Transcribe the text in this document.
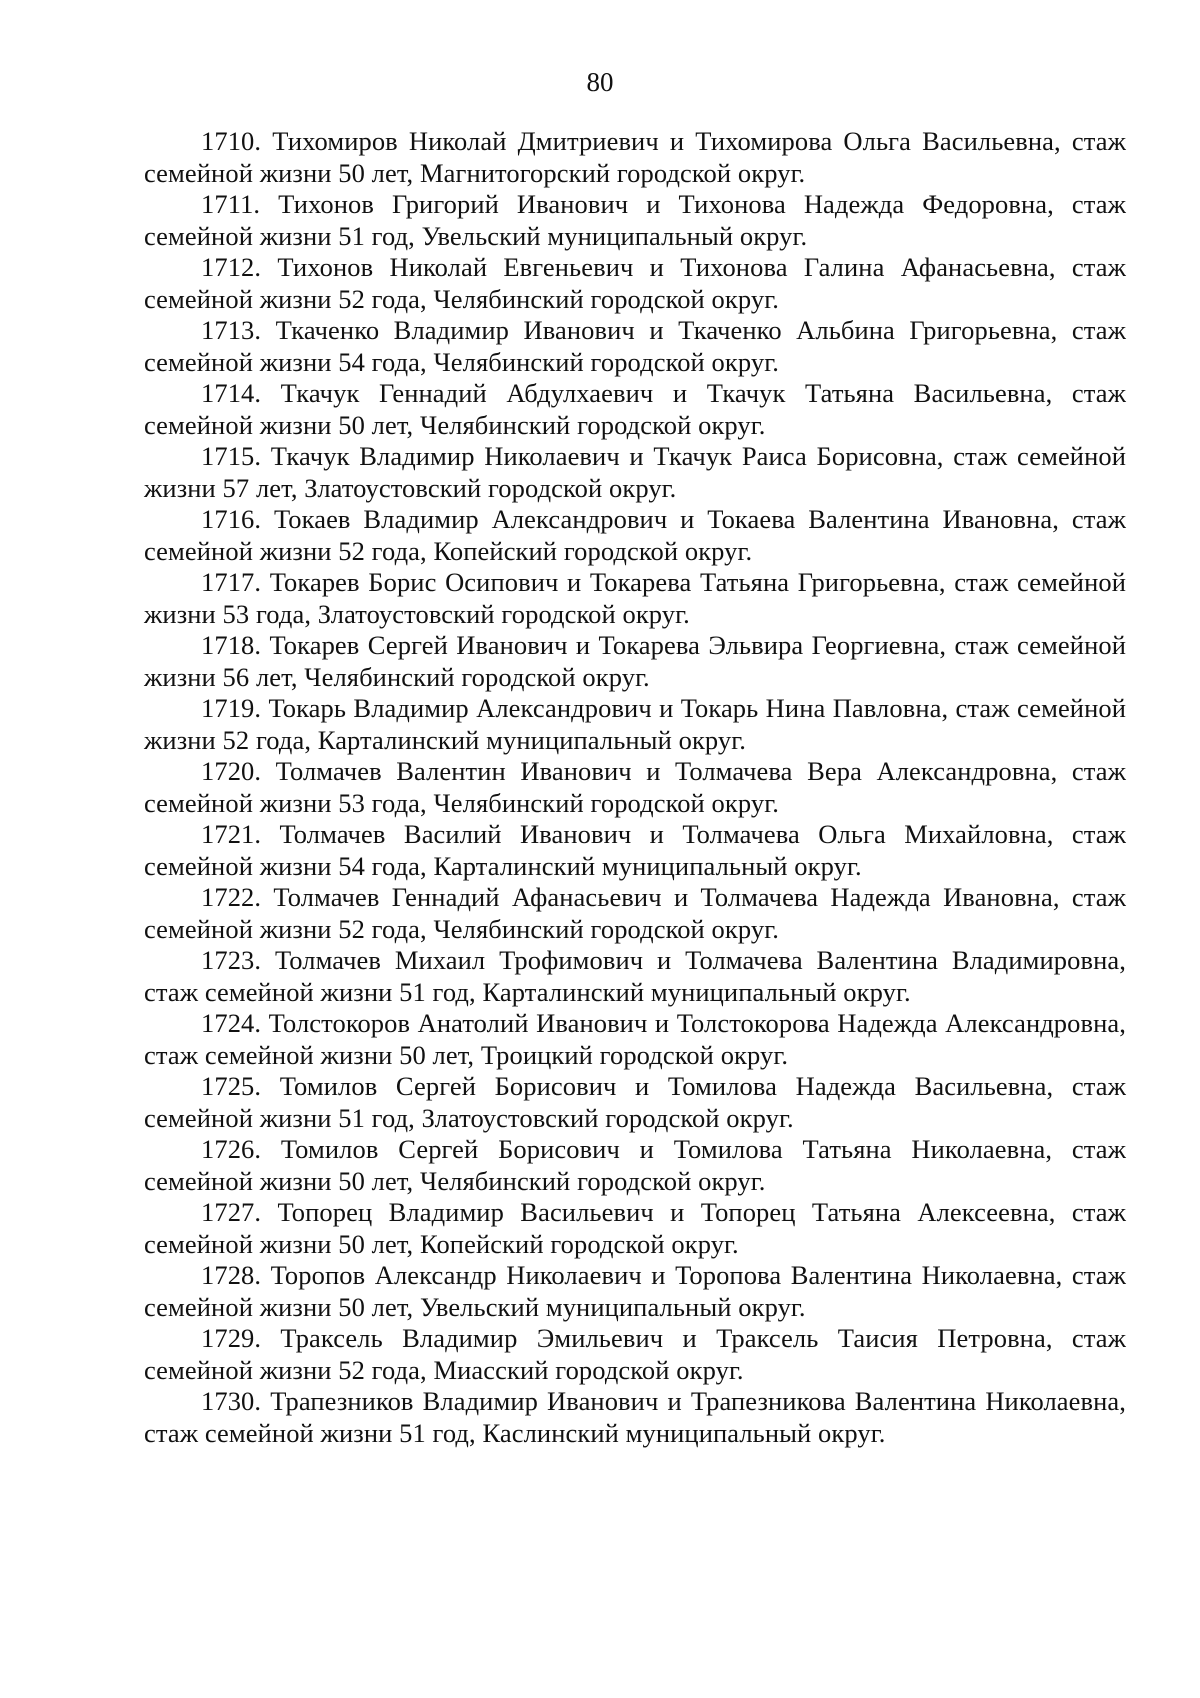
80

1710. Тихомиров Николай Дмитриевич и Тихомирова Ольга Васильевна, стаж семейной жизни 50 лет, Магнитогорский городской округ.

1711. Тихонов Григорий Иванович и Тихонова Надежда Федоровна, стаж семейной жизни 51 год, Увельский муниципальный округ.

1712. Тихонов Николай Евгеньевич и Тихонова Галина Афанасьевна, стаж семейной жизни 52 года, Челябинский городской округ.

1713. Ткаченко Владимир Иванович и Ткаченко Альбина Григорьевна, стаж семейной жизни 54 года, Челябинский городской округ.

1714. Ткачук Геннадий Абдулхаевич и Ткачук Татьяна Васильевна, стаж семейной жизни 50 лет, Челябинский городской округ.

1715. Ткачук Владимир Николаевич и Ткачук Раиса Борисовна, стаж семейной жизни 57 лет, Златоустовский городской округ.

1716. Токаев Владимир Александрович и Токаева Валентина Ивановна, стаж семейной жизни 52 года, Копейский городской округ.

1717. Токарев Борис Осипович и Токарева Татьяна Григорьевна, стаж семейной жизни 53 года, Златоустовский городской округ.

1718. Токарев Сергей Иванович и Токарева Эльвира Георгиевна, стаж семейной жизни 56 лет, Челябинский городской округ.

1719. Токарь Владимир Александрович и Токарь Нина Павловна, стаж семейной жизни 52 года, Карталинский муниципальный округ.

1720. Толмачев Валентин Иванович и Толмачева Вера Александровна, стаж семейной жизни 53 года, Челябинский городской округ.

1721. Толмачев Василий Иванович и Толмачева Ольга Михайловна, стаж семейной жизни 54 года, Карталинский муниципальный округ.

1722. Толмачев Геннадий Афанасьевич и Толмачева Надежда Ивановна, стаж семейной жизни 52 года, Челябинский городской округ.

1723. Толмачев Михаил Трофимович и Толмачева Валентина Владимировна, стаж семейной жизни 51 год, Карталинский муниципальный округ.

1724. Толстокоров Анатолий Иванович и Толстокорова Надежда Александровна, стаж семейной жизни 50 лет, Троицкий городской округ.

1725. Томилов Сергей Борисович и Томилова Надежда Васильевна, стаж семейной жизни 51 год, Златоустовский городской округ.

1726. Томилов Сергей Борисович и Томилова Татьяна Николаевна, стаж семейной жизни 50 лет, Челябинский городской округ.

1727. Топорец Владимир Васильевич и Топорец Татьяна Алексеевна, стаж семейной жизни 50 лет, Копейский городской округ.

1728. Торопов Александр Николаевич и Торопова Валентина Николаевна, стаж семейной жизни 50 лет, Увельский муниципальный округ.

1729. Траксель Владимир Эмильевич и Траксель Таисия Петровна, стаж семейной жизни 52 года, Миасский городской округ.

1730. Трапезников Владимир Иванович и Трапезникова Валентина Николаевна, стаж семейной жизни 51 год, Каслинский муниципальный округ.
